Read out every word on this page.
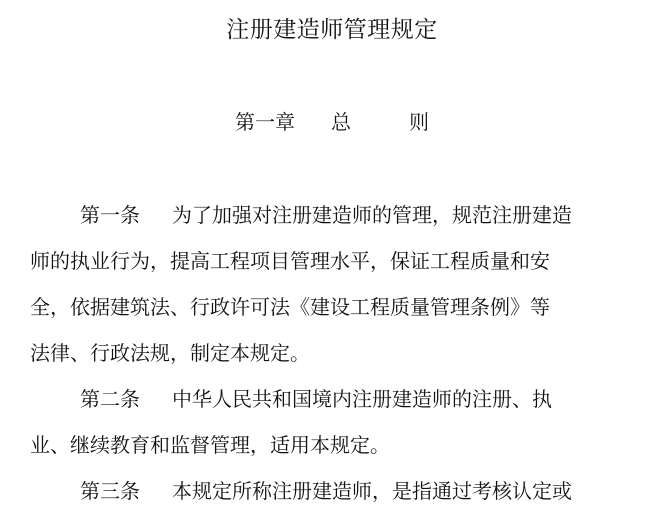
注册建造师管理规定
第一章 总	则
第一条 为了加强对注册建造师的管理，规范注册建造
师的执业行为，提高工程项目管理水平，保证工程质量和安
全，依据建筑法、行政许可法《建设工程质量管理条例》等
法律、行政法规，制定本规定。
第二条 中华人民共和国境内注册建造师的注册、执
业、继续教育和监督管理，适用本规定。
第三条 本规定所称注册建造师，是指通过考核认定或
